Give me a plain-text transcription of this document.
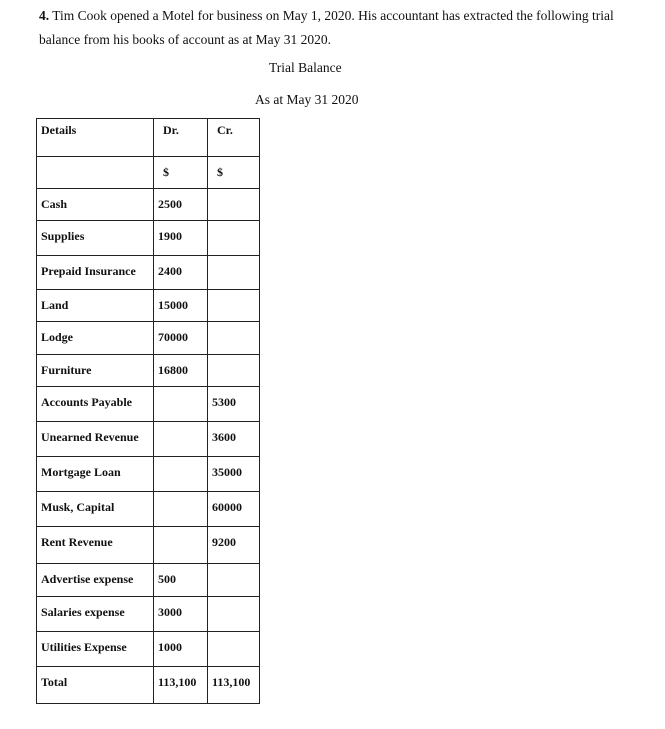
4. Tim Cook opened a Motel for business on May 1, 2020. His accountant has extracted the following trial balance from his books of account as at May 31 2020.
Trial Balance
As at May 31 2020
Details	Dr.	Cr.
	$	$
Cash	2500	
Supplies	1900	
Prepaid Insurance	2400	
Land	15000	
Lodge	70000	
Furniture	16800	
Accounts Payable		5300
Unearned Revenue		3600
Mortgage Loan		35000
Musk, Capital		60000
Rent Revenue		9200
Advertise expense	500	
Salaries expense	3000	
Utilities Expense	1000	
Total	113,100	113,100
